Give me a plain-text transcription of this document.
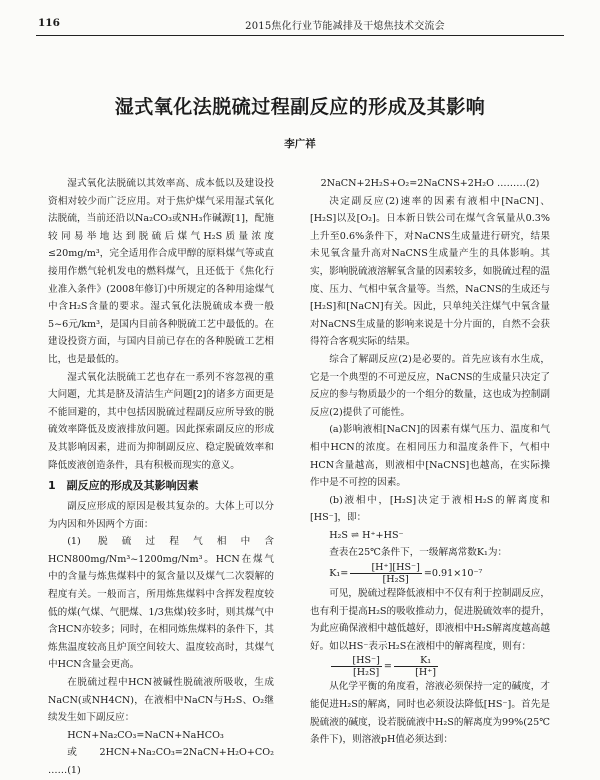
116	2015焦化行业节能减排及干熄焦技术交流会
湿式氧化法脱硫过程副反应的形成及其影响
李广祥

湿式氧化法脱硫以其效率高、成本低以及建设投资相对较少而广泛应用。对于焦炉煤气采用湿式氧化法脱硫，当前还沿以Na₂CO₃或NH₃作碱源[1]，配施较同易举地达到脱硫后煤气H₂S质量浓度≤20mg/m³，完全适用作合成甲醇的原料煤气等或直接用作燃气轮机发电的燃料煤气，且还低于《焦化行业准入条件》(2008年修订)中所规定的各种用途煤气中含H₂S含量的要求。湿式氧化法脱硫成本费一般5~6元/km³，是国内目前各种脱硫工艺中最低的。在建设投资方面，与国内目前已存在的各种脱硫工艺相比，也是最低的。

湿式氧化法脱硫工艺也存在一系列不容忽视的重大问题，尤其是脐及清洁生产问题[2]的诸多方面更是不能回避的，其中包括因脱硫过程副反应所导致的脱硫效率降低及废液排放问题。因此探索副反应的形成及其影响因素，进而为抑制副反应、稳定脱硫效率和降低废液创造条件，具有积极而现实的意义。

1　副反应的形成及其影响因素

副反应形成的原因是极其复杂的。大体上可以分为内因和外因两个方面：

(1) 脱硫过程气相中含HCN800mg/Nm³~1200mg/Nm³。HCN在煤气中的含量与炼焦煤料中的氮含量以及煤气二次裂解的程度有关。一般而言，所用炼焦煤料中含挥发程度较低的煤(气煤、气肥煤、1/3焦煤)较多时，则其煤气中含HCN亦较多；同时，在相同炼焦煤料的条件下，其炼焦温度较高且炉顶空间较大、温度较高时，其煤气中HCN含量会更高。

在脱硫过程中HCN被碱性脱硫液所吸收，生成NaCN(或NH4CN)，在液相中NaCN与H₂S、O₂继续发生如下副反应：

HCN+Na₂CO₃=NaCN+NaHCO₃

或 2HCN+Na₂CO₃=2NaCN+H₂O+CO₂ ……(1)

2NaCN+2H₂S+O₂=2NaCNS+2H₂O ………(2)

决定副反应(2)速率的因素有液相中[NaCN]、[H₂S]以及[O₂]。日本新日铁公司在煤气含氧量从0.3%上升至0.6%条件下，对NaCNS生成量进行研究，结果未见氧含量升高对NaCNS生成量产生的具体影响。其实，影响脱硫液溶解氧含量的因素较多，如脱硫过程的温度、压力、气相中氧含量等。当然，NaCNS的生成还与[H₂S]和[NaCN]有关。因此，只单纯关注煤气中氧含量对NaCNS生成量的影响来说是十分片面的，自然不会获得符合客观实际的结果。

综合了解副反应(2)是必要的。首先应该有水生成，它是一个典型的不可逆反应，NaCNS的生成量只决定了反应的参与物质最少的一个组分的数量，这也成为控制副反应(2)提供了可能性。

(a)影响液相[NaCN]的因素有煤气压力、温度和气相中HCN的浓度。在相同压力和温度条件下，气相中HCN含量越高，则液相中[NaCNS]也越高，在实际操作中是不可控的因素。

(b)液相中，[H₂S]决定于液相H₂S的解离度和[HS⁻]，即：

H₂S ⇌ H⁺+HS⁻

查表在25℃条件下，一级解离常数K₁为：

$K_1= \frac{[H^+][HS^-]}{\text{[H₂S]}} =0.91\times 10^{-7}$

可见，脱硫过程降低液相中不仅有利于控制副反应，也有利于提高H₂S的吸收推动力，促进脱硫效率的提升，为此应确保液相中越低越好，即液相中H₂S解离度越高越好。如以HS⁻表示H₂S在液相中的解离程度，则有：

$\frac{[HS^-]}{\text{[H₂S]}} = \frac{\text{K₁}}{[H^+]}$

从化学平衡的角度看，溶液必须保持一定的碱度，才能促进H₂S的解离，同时也必须设法降低[HS⁻]。首先是脱硫液的碱度，设若脱硫液中H₂S的解离度为99%(25℃条件下)，则溶液pH值必须达到：
